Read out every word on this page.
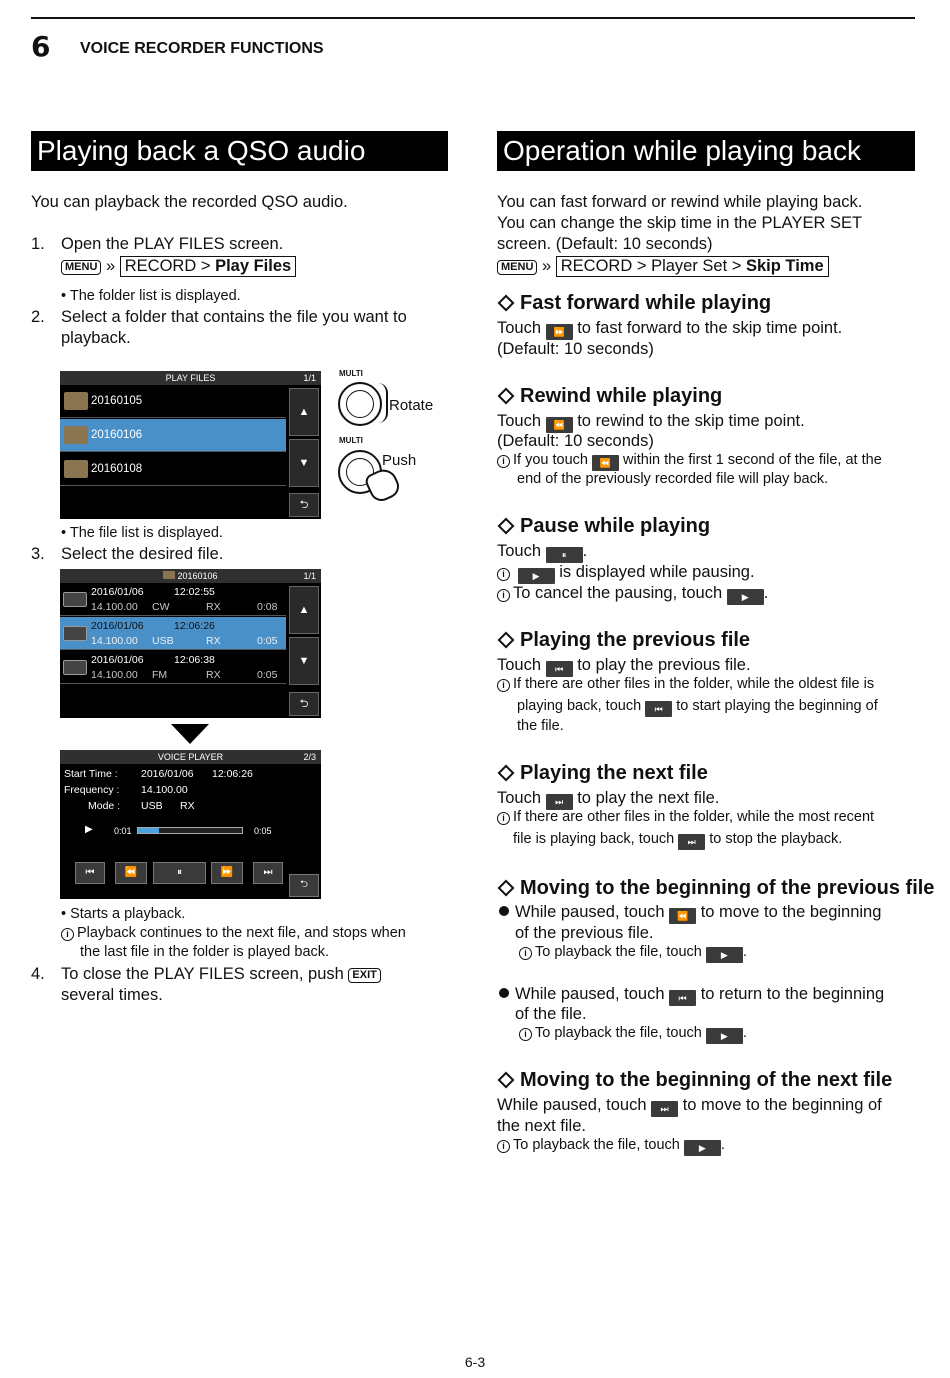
6 VOICE RECORDER FUNCTIONS
Playing back a QSO audio
You can playback the recorded QSO audio.
1. Open the PLAY FILES screen.
MENU » RECORD > Play Files
• The folder list is displayed.
2. Select a folder that contains the file you want to
playback.
PLAY FILES	1/1
20160105
20160106
20160108
▲
▼
⮌
MULTI
Rotate
MULTI
Push
• The file list is displayed.
3. Select the desired file.
20160106	1/1
2016/01/06	12:02:55
14.100.00 CW	RX	0:08
2016/01/06	12:06:26
14.100.00 USB	RX	0:05
2016/01/06	12:06:38
14.100.00 FM	RX	0:05
▲
▼
⮌
VOICE PLAYER	2/3
Start Time : 2016/01/06 12:06:26
Frequency : 14.100.00
Mode : USB RX
▶ 0:01	0:05
⏮	⏪	⏸	⏩	⏭
⮌
• Starts a playback.
i Playback continues to the next file, and stops when
the last file in the folder is played back.
4. To close the PLAY FILES screen, push EXIT
several times.
Operation while playing back
You can fast forward or rewind while playing back.
You can change the skip time in the PLAYER SET
screen. (Default: 10 seconds)
MENU » RECORD > Player Set > Skip Time
Fast forward while playing
Touch ⏩ to fast forward to the skip time point.
(Default: 10 seconds)
Rewind while playing
Touch ⏪ to rewind to the skip time point.
(Default: 10 seconds)
i If you touch ⏪ within the first 1 second of the file, at the
end of the previously recorded file will play back.
Pause while playing
Touch ⏸ .
i	▶ is displayed while pausing.
i To cancel the pausing, touch ▶ .
Playing the previous file
Touch ⏮ to play the previous file.
i If there are other files in the folder, while the oldest file is
playing back, touch ⏮ to start playing the beginning of
the file.
Playing the next file
Touch ⏭ to play the next file.
i If there are other files in the folder, while the most recent
file is playing back, touch ⏭ to stop the playback.
Moving to the beginning of the previous file
While paused, touch ⏪ to move to the beginning
of the previous file.
i To playback the file, touch ▶ .
While paused, touch ⏮ to return to the beginning
of the file.
i To playback the file, touch ▶ .
Moving to the beginning of the next file
While paused, touch ⏭ to move to the beginning of
the next file.
i To playback the file, touch ▶ .
6-3
